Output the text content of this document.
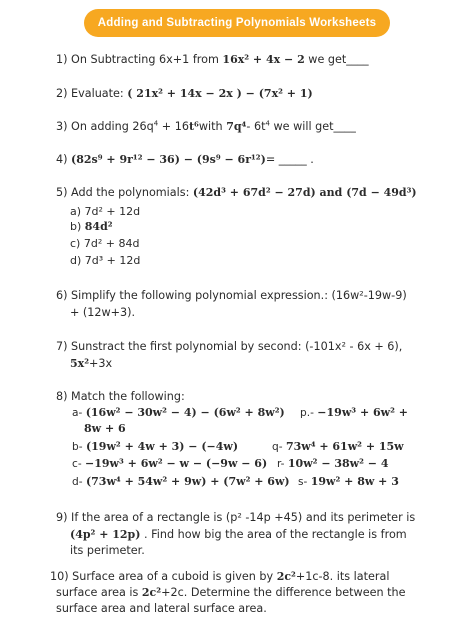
Adding and Subtracting Polynomials Worksheets
1) On Subtracting 6x+1 from 16x² + 4x − 2 we get____
2) Evaluate: ( 21x² + 14x − 2x ) − (7x² + 1)
3) On adding $26q^4$ + 16t⁶with 7q⁴- $6t^4$ we will get____
4) (82s⁹ + 9r¹² − 36) − (9s⁹ − 6r¹²)= _____ .
5) Add the polynomials: (42d³ + 67d² − 27d) and (7d − 49d³)
a) 7d² + 12d
b) 84d²
c) 7d² + 84d
d) 7d³ + 12d
6) Simplify the following polynomial expression.: (16w²-19w-9)
+ (12w+3).
7) Sunstract the first polynomial by second: (-101x² - 6x + 6),
5x²+3x
8) Match the following:
a- (16w² − 30w² − 4) − (6w² + 8w²) p.- −19w³ + 6w² +
8w + 6
b- (19w² + 4w + 3) − (−4w)	q- 73w⁴ + 61w² + 15w
c- −19w³ + 6w² − w − (−9w − 6) r- 10w² − 38w² − 4
d- (73w⁴ + 54w² + 9w) + (7w² + 6w) s- 19w² + 8w + 3
9) If the area of a rectangle is (p² -14p +45) and its perimeter is
(4p² + 12p) . Find how big the area of the rectangle is from
its perimeter.
10) Surface area of a cuboid is given by 2c²+1c-8. its lateral
surface area is 2c²+2c. Determine the difference between the
surface area and lateral surface area.
